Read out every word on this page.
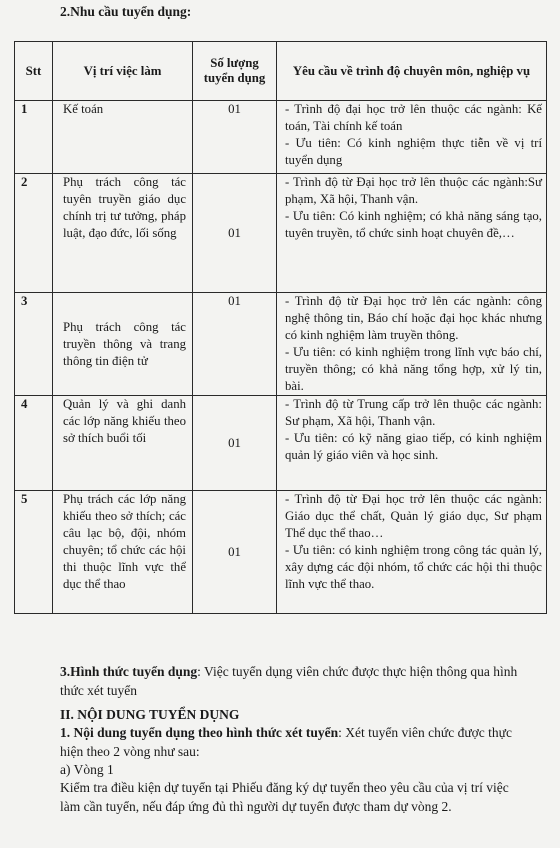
2.Nhu cầu tuyển dụng:
Stt	Vị trí việc làm	Số lượng tuyển dụng	Yêu cầu về trình độ chuyên môn, nghiệp vụ
1	Kế toán	01	- Trình độ đại học trở lên thuộc các ngành: Kế toán, Tài chính kế toán
- Ưu tiên: Có kinh nghiệm thực tiễn về vị trí tuyển dụng

2	Phụ trách công tác tuyên truyền giáo dục chính trị tư tưởng, pháp luật, đạo đức, lối sống	01	- Trình độ từ Đại học trở lên thuộc các ngành:Sư phạm, Xã hội, Thanh vận.
- Ưu tiên: Có kinh nghiệm; có khả năng sáng tạo, tuyên truyền, tổ chức sinh hoạt chuyên đề,…

3	Phụ trách công tác truyền thông và trang thông tin điện tử	01	- Trình độ từ Đại học trở lên các ngành: công nghệ thông tin, Báo chí hoặc đại học khác nhưng có kinh nghiệm làm truyền thông.
- Ưu tiên: có kinh nghiệm trong lĩnh vực báo chí, truyền thông; có khả năng tổng hợp, xử lý tin, bài.

4	Quản lý và ghi danh các lớp năng khiếu theo sở thích buổi tối	01	- Trình độ từ Trung cấp trở lên thuộc các ngành: Sư phạm, Xã hội, Thanh vận.
- Ưu tiên: có kỹ năng giao tiếp, có kinh nghiệm quản lý giáo viên và học sinh.

5	Phụ trách các lớp năng khiếu theo sở thích; các câu lạc bộ, đội, nhóm chuyên; tổ chức các hội thi thuộc lĩnh vực thể dục thể thao	01	- Trình độ từ Đại học trở lên thuộc các ngành: Giáo dục thể chất, Quản lý giáo dục, Sư phạm Thể dục thể thao…
- Ưu tiên: có kinh nghiệm trong công tác quản lý, xây dựng các đội nhóm, tổ chức các hội thi thuộc lĩnh vực thể thao.
3.Hình thức tuyển dụng: Việc tuyển dụng viên chức được thực hiện thông qua hình thức xét tuyển
II. NỘI DUNG TUYỂN DỤNG
1. Nội dung tuyển dụng theo hình thức xét tuyển: Xét tuyển viên chức được thực hiện theo 2 vòng như sau:
a) Vòng 1
Kiểm tra điều kiện dự tuyển tại Phiếu đăng ký dự tuyển theo yêu cầu của vị trí việc làm cần tuyển, nếu đáp ứng đủ thì người dự tuyển được tham dự vòng 2.
